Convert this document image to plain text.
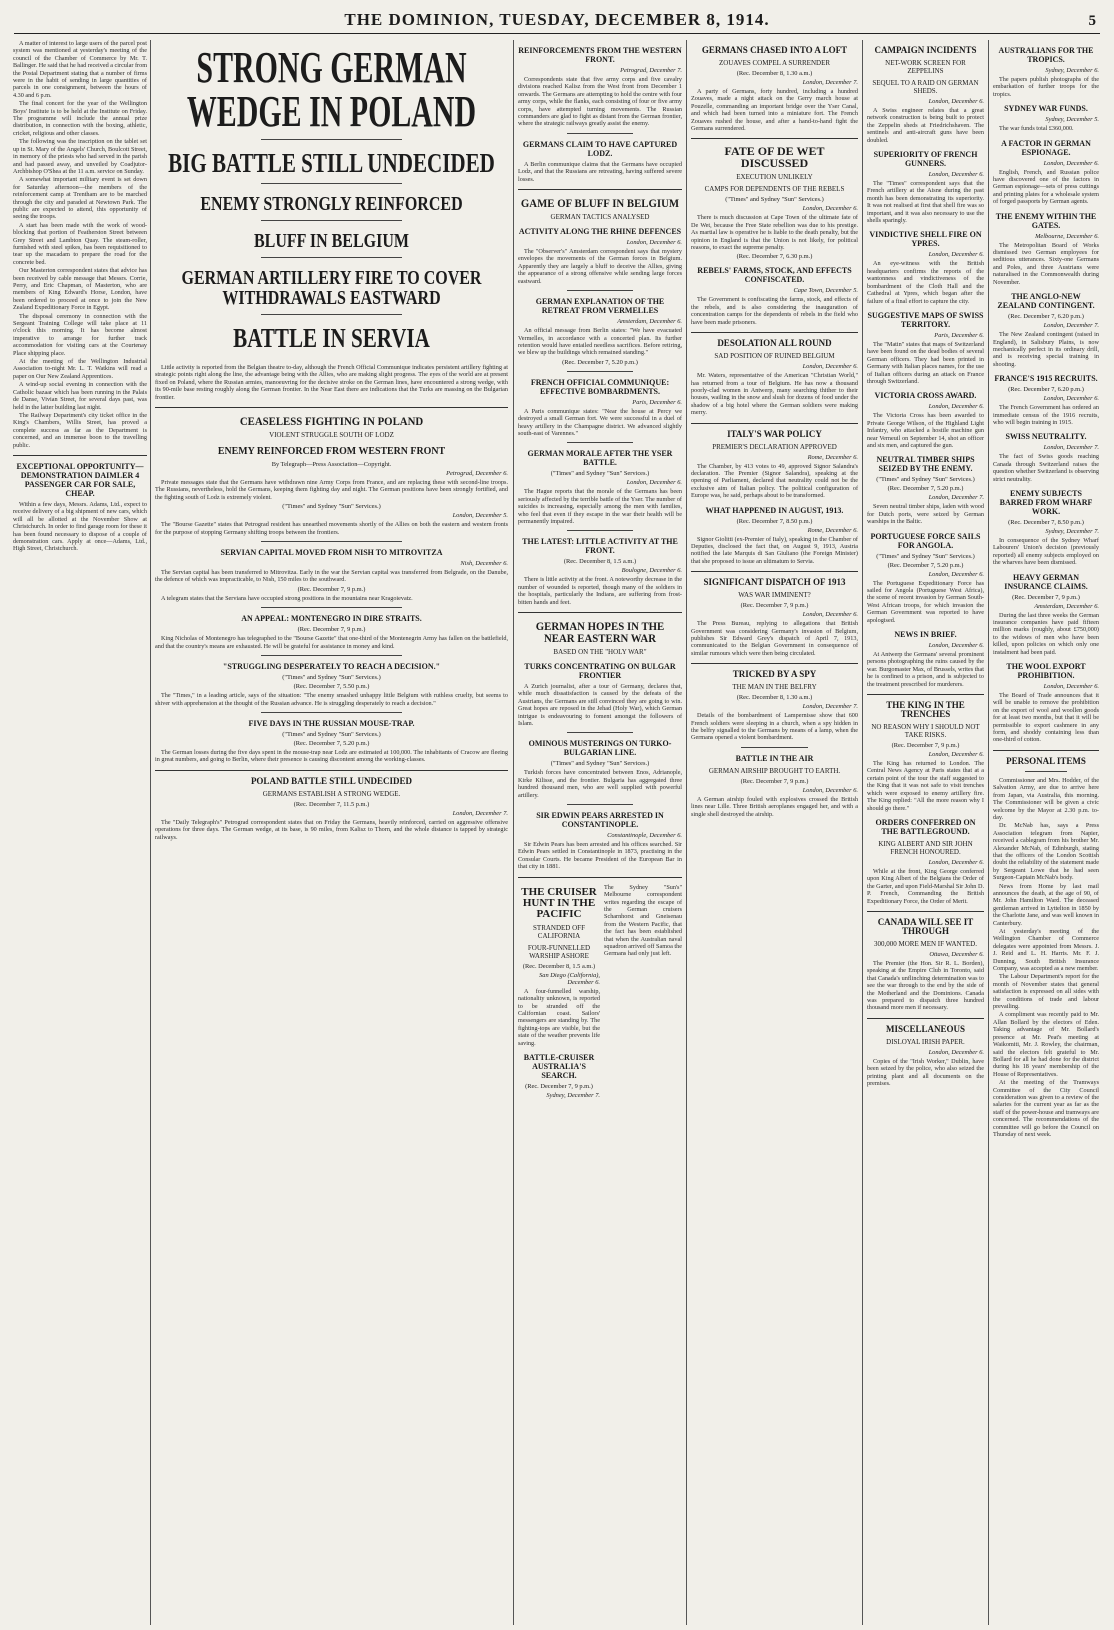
THE DOMINION, TUESDAY, DECEMBER 8, 1914.	5

A matter of interest to large users of the parcel post system was mentioned at yesterday's meeting of the council of the Chamber of Commerce by Mr. T. Ballinger. He said that he had received a circular from the Postal Department stating that a number of firms were in the habit of sending in large quantities of parcels in one consignment, between the hours of 4.30 and 6 p.m.

The final concert for the year of the Wellington Boys' Institute is to be held at the Institute on Friday. The programme will include the annual prize distribution, in connection with the boxing, athletic, cricket, religious and other classes.

The following was the inscription on the tablet set up in St. Mary of the Angels' Church, Boulcott Street, in memory of the priests who had served in the parish and had passed away, and unveiled by Coadjutor-Archbishop O'Shea at the 11 a.m. service on Sunday.

A somewhat important military event is set down for Saturday afternoon—the members of the reinforcement camp at Trentham are to be marched through the city and paraded at Newtown Park. The public are expected to attend, this opportunity of seeing the troops.

A start has been made with the work of wood-blocking that portion of Featherston Street between Grey Street and Lambton Quay. The steam-roller, furnished with steel spikes, has been requisitioned to tear up the macadam to prepare the road for the concrete bed.

Our Masterton correspondent states that advice has been received by cable message that Messrs. Corrie, Perry, and Eric Chapman, of Masterton, who are members of King Edward's Horse, London, have been ordered to proceed at once to join the New Zealand Expeditionary Force in Egypt.

The disposal ceremony in connection with the Sergeant Training College will take place at 11 o'clock this morning. It has become almost imperative to arrange for further track accommodation for visiting cars at the Courtenay Place shipping place.

At the meeting of the Wellington Industrial Association to-night Mr. L. T. Watkins will read a paper on Our New Zealand Apprentices.

A wind-up social evening in connection with the Catholic bazaar which has been running in the Palais de Danse, Vivian Street, for several days past, was held in the latter building last night.

The Railway Department's city ticket office in the King's Chambers, Willis Street, has proved a complete success as far as the Department is concerned, and an immense boon to the travelling public.

EXCEPTIONAL OPPORTUNITY—DEMONSTRATION DAIMLER 4 PASSENGER CAR FOR SALE, CHEAP.

Within a few days, Messrs. Adams, Ltd., expect to receive delivery of a big shipment of new cars, which will all be allotted at the November Show at Christchurch. In order to find garage room for these it has been found necessary to dispose of a couple of demonstration cars. Apply at once—Adams, Ltd., High Street, Christchurch.

STRONG GERMAN WEDGE IN POLAND
BIG BATTLE STILL UNDECIDED
ENEMY STRONGLY REINFORCED
BLUFF IN BELGIUM
GERMAN ARTILLERY FIRE TO COVER WITHDRAWALS EASTWARD
BATTLE IN SERVIA

Little activity is reported from the Belgian theatre to-day, although the French Official Communique indicates persistent artillery fighting at strategic points right along the line, the advantage being with the Allies, who are making slight progress. The eyes of the world are at present fixed on Poland, where the Russian armies, manoeuvring for the decisive stroke on the German lines, have encountered a strong wedge, with its 90-mile base resting roughly along the German frontier. In the Near East there are indications that the Turks are massing on the Bulgarian frontier.

CEASELESS FIGHTING IN POLAND
VIOLENT STRUGGLE SOUTH OF LODZ
ENEMY REINFORCED FROM WESTERN FRONT
By Telegraph—Press Association—Copyright.
Petrograd, December 6.

Private messages state that the Germans have withdrawn nine Army Corps from France, and are replacing these with second-line troops. The Russians, nevertheless, hold the Germans, keeping them fighting day and night. The German positions have been strongly fortified, and the fighting south of Lodz is extremely violent.

("Times" and Sydney "Sun" Services.)
London, December 5.

The "Bourse Gazette" states that Petrograd resident has unearthed movements shortly of the Allies on both the eastern and western fronts for the purpose of stopping Germany shifting troops between the frontiers.

SERVIAN CAPITAL MOVED FROM NISH TO MITROVITZA
Nish, December 6.

The Servian capital has been transferred to Mitrovitza. Early in the war the Servian capital was transferred from Belgrade, on the Danube, the defence of which was impracticable, to Nish, 150 miles to the southward.

(Rec. December 7, 9 p.m.)

A telegram states that the Servians have occupied strong positions in the mountains near Kragoievatz.

AN APPEAL: MONTENEGRO IN DIRE STRAITS.
(Rec. December 7, 9 p.m.)

King Nicholas of Montenegro has telegraphed to the "Bourse Gazette" that one-third of the Montenegrin Army has fallen on the battlefield, and that the country's means are exhausted. He will be grateful for assistance in money and kind.

"STRUGGLING DESPERATELY TO REACH A DECISION."
("Times" and Sydney "Sun" Services.)
(Rec. December 7, 5.50 p.m.)

The "Times," in a leading article, says of the situation: "The enemy smashed unhappy little Belgium with ruthless cruelty, but seems to shiver with apprehension at the thought of the Russian advance. He is struggling desperately to reach a decision."

FIVE DAYS IN THE RUSSIAN MOUSE-TRAP.
("Times" and Sydney "Sun" Services.)
(Rec. December 7, 5.20 p.m.)

The German losses during the five days spent in the mouse-trap near Lodz are estimated at 100,000. The inhabitants of Cracow are fleeing in great numbers, and going to Berlin, where their presence is causing discontent among the working-classes.

POLAND BATTLE STILL UNDECIDED
GERMANS ESTABLISH A STRONG WEDGE.
(Rec. December 7, 11.5 p.m.)
London, December 7.

The "Daily Telegraph's" Petrograd correspondent states that on Friday the Germans, heavily reinforced, carried on aggressive offensive operations for three days. The German wedge, at its base, is 90 miles, from Kalisz to Thorn, and the whole distance is tapped by strategic railways.

REINFORCEMENTS FROM THE WESTERN FRONT.
Petrograd, December 7.

Correspondents state that five army corps and five cavalry divisions reached Kalisz from the West front from December 1 onwards. The Germans are attempting to hold the centre with four army corps, while the flanks, each consisting of four or five army corps, have attempted turning movements. The Russian commanders are glad to fight as distant from the German frontier, where the strategic railways greatly assist the enemy.

GERMANS CLAIM TO HAVE CAPTURED LODZ.

A Berlin communique claims that the Germans have occupied Lodz, and that the Russians are retreating, having suffered severe losses.

GAME OF BLUFF IN BELGIUM
GERMAN TACTICS ANALYSED
ACTIVITY ALONG THE RHINE DEFENCES
London, December 6.

The "Observer's" Amsterdam correspondent says that mystery envelopes the movements of the German forces in Belgium. Apparently they are largely a bluff to deceive the Allies, giving the appearance of a strong offensive while sending large forces eastward.

GERMAN EXPLANATION OF THE RETREAT FROM VERMELLES
Amsterdam, December 6.

An official message from Berlin states: "We have evacuated Vermelles, in accordance with a concerted plan. Its further retention would have entailed needless sacrifices. Before retiring, we blew up the buildings which remained standing."

(Rec. December 7, 5.20 p.m.)
FRENCH OFFICIAL COMMUNIQUE: EFFECTIVE BOMBARDMENTS.
Paris, December 6.

A Paris communique states: "Near the house at Percy we destroyed a small German fort. We were successful in a duel of heavy artillery in the Champagne district. We advanced slightly south-east of Varennes."

GERMAN MORALE AFTER THE YSER BATTLE.
("Times" and Sydney "Sun" Services.)
London, December 6.

The Hague reports that the morale of the Germans has been seriously affected by the terrible battle of the Yser. The number of suicides is increasing, especially among the men with families, who feel that even if they escape in the war their health will be permanently impaired.

THE LATEST: LITTLE ACTIVITY AT THE FRONT.
(Rec. December 8, 1.5 a.m.)
Boulogne, December 6.

There is little activity at the front. A noteworthy decrease in the number of wounded is reported, though many of the soldiers in the hospitals, particularly the Indians, are suffering from frost-bitten hands and feet.

GERMAN HOPES IN THE NEAR EASTERN WAR
BASED ON THE "HOLY WAR"
TURKS CONCENTRATING ON BULGAR FRONTIER

A Zurich journalist, after a tour of Germany, declares that, while much dissatisfaction is caused by the defeats of the Austrians, the Germans are still convinced they are going to win. Great hopes are reposed in the Jehad (Holy War), which German intrigue is endeavouring to foment amongst the followers of Islam.

OMINOUS MUSTERINGS ON TURKO-BULGARIAN LINE.
("Times" and Sydney "Sun" Services.)

Turkish forces have concentrated between Enos, Adrianople, Kirke Kilisse, and the frontier. Bulgaria has aggregated three hundred thousand men, who are well supplied with powerful artillery.

SIR EDWIN PEARS ARRESTED IN CONSTANTINOPLE.
Constantinople, December 6.

Sir Edwin Pears has been arrested and his offices searched. Sir Edwin Pears settled in Constantinople in 1873, practising in the Consular Courts. He became President of the European Bar in that city in 1881.

THE CRUISER HUNT IN THE PACIFIC
STRANDED OFF CALIFORNIA
FOUR-FUNNELLED WARSHIP ASHORE
(Rec. December 8, 1.5 a.m.)
San Diego (California), December 6.

A four-funnelled warship, nationality unknown, is reported to be stranded off the Californian coast. Sailors' messengers are standing by. The fighting-tops are visible, but the state of the weather prevents life saving.

BATTLE-CRUISER AUSTRALIA'S SEARCH.
(Rec. December 7, 9 p.m.)
Sydney, December 7.

The Sydney "Sun's" Melbourne correspondent writes regarding the escape of the German cruisers Scharnhorst and Gneisenau from the Western Pacific, that the fact has been established that when the Australian naval squadron arrived off Samoa the Germans had only just left.

GERMANS CHASED INTO A LOFT
ZOUAVES COMPEL A SURRENDER
(Rec. December 8, 1.30 a.m.)
London, December 7.

A party of Germans, forty hundred, including a hundred Zouaves, made a night attack on the Gerry march house at Pouzelle, commanding an important bridge over the Yser Canal, and which had been turned into a miniature fort. The French Zouaves rushed the house, and after a hand-to-hand fight the Germans surrendered.

FATE OF DE WET DISCUSSED
EXECUTION UNLIKELY
CAMPS FOR DEPENDENTS OF THE REBELS
("Times" and Sydney "Sun" Services.)
London, December 6.

There is much discussion at Cape Town of the ultimate fate of De Wet, because the Free State rebellion was due to his prestige. As martial law is operative he is liable to the death penalty, but the opinion in England is that the Union is not likely, for political reasons, to exact the supreme penalty.

(Rec. December 7, 6.30 p.m.)
REBELS' FARMS, STOCK, AND EFFECTS CONFISCATED.
Cape Town, December 5.

The Government is confiscating the farms, stock, and effects of the rebels, and is also considering the inauguration of concentration camps for the dependents of rebels in the field who have been made prisoners.

DESOLATION ALL ROUND
SAD POSITION OF RUINED BELGIUM
London, December 6.

Mr. Waters, representative of the American "Christian World," has returned from a tour of Belgium. He has now a thousand poorly-clad women in Antwerp, many searching thither to their houses, wailing in the snow and slush for dozens of food under the shadow of a big hotel where the German soldiers were making merry.

ITALY'S WAR POLICY
PREMIER'S DECLARATION APPROVED
Rome, December 6.

The Chamber, by 413 votes to 49, approved Signor Salandra's declaration. The Premier (Signor Salandra), speaking at the opening of Parliament, declared that neutrality could not be the exclusive aim of Italian policy. The political configuration of Europe was, he said, perhaps about to be transformed.

WHAT HAPPENED IN AUGUST, 1913.
(Rec. December 7, 8.50 p.m.)
Rome, December 6.

Signor Giolitti (ex-Premier of Italy), speaking in the Chamber of Deputies, disclosed the fact that, on August 9, 1913, Austria notified the late Marquis di San Giuliano (the Foreign Minister) that she proposed to issue an ultimatum to Servia.

SIGNIFICANT DISPATCH OF 1913
WAS WAR IMMINENT?
(Rec. December 7, 9 p.m.)
London, December 6.

The Press Bureau, replying to allegations that British Government was considering Germany's invasion of Belgium, publishes Sir Edward Grey's dispatch of April 7, 1913, communicated to the Belgian Government in consequence of similar rumours which were then being circulated.

TRICKED BY A SPY
THE MAN IN THE BELFRY
(Rec. December 8, 1.30 a.m.)
London, December 7.

Details of the bombardment of Lampernisse show that 600 French soldiers were sleeping in a church, when a spy hidden in the belfry signalled to the Germans by means of a lamp, when the Germans opened a violent bombardment.

BATTLE IN THE AIR
GERMAN AIRSHIP BROUGHT TO EARTH.
(Rec. December 7, 9 p.m.)
London, December 6.

A German airship fouled with explosives crossed the British lines near Lille. Three British aeroplanes engaged her, and with a single shell destroyed the airship.

CAMPAIGN INCIDENTS
NET-WORK SCREEN FOR ZEPPELINS
SEQUEL TO A RAID ON GERMAN SHEDS.
London, December 6.

A Swiss engineer relates that a great network construction is being built to protect the Zeppelin sheds at Friedrichshaven. The sentinels and anti-aircraft guns have been doubled.

SUPERIORITY OF FRENCH GUNNERS.
London, December 6.

The "Times" correspondent says that the French artillery at the Aisne during the past month has been demonstrating its superiority. It was not realised at first that shell fire was so important, and it was also necessary to use the shells sparingly.

VINDICTIVE SHELL FIRE ON YPRES.
London, December 6.

An eye-witness with the British headquarters confirms the reports of the wantonness and vindictiveness of the bombardment of the Cloth Hall and the Cathedral at Ypres, which began after the failure of a final effort to capture the city.

SUGGESTIVE MAPS OF SWISS TERRITORY.
Paris, December 6.

The "Matin" states that maps of Switzerland have been found on the dead bodies of several German officers. They had been printed in Germany with Italian places names, for the use of Italian officers during an attack on France through Switzerland.

VICTORIA CROSS AWARD.
London, December 6.

The Victoria Cross has been awarded to Private George Wilson, of the Highland Light Infantry, who attacked a hostile machine gun near Verneuil on September 14, shot an officer and six men, and captured the gun.

NEUTRAL TIMBER SHIPS SEIZED BY THE ENEMY.
("Times" and Sydney "Sun" Services.)
(Rec. December 7, 5.20 p.m.)
London, December 7.

Seven neutral timber ships, laden with wood for Dutch ports, were seized by German warships in the Baltic.

PORTUGUESE FORCE SAILS FOR ANGOLA.
("Times" and Sydney "Sun" Services.)
(Rec. December 7, 5.20 p.m.)
London, December 6.

The Portuguese Expeditionary Force has sailed for Angola (Portuguese West Africa), the scene of recent invasion by German South-West African troops, for which invasion the German Government was reported to have apologised.

NEWS IN BRIEF.
London, December 6.

At Antwerp the Germans' several prominent persons photographing the ruins caused by the war. Burgomaster Max, of Brussels, writes that he is confined to a prison, and is subjected to the treatment prescribed for murderers.

THE KING IN THE TRENCHES
NO REASON WHY I SHOULD NOT TAKE RISKS.
(Rec. December 7, 9 p.m.)
London, December 6.

The King has returned to London. The Central News Agency at Paris states that at a certain point of the tour the staff suggested to the King that it was not safe to visit trenches which were exposed to enemy artillery fire. The King replied: "All the more reason why I should go there."

ORDERS CONFERRED ON THE BATTLEGROUND.
KING ALBERT AND SIR JOHN FRENCH HONOURED.
London, December 6.

While at the front, King George conferred upon King Albert of the Belgians the Order of the Garter, and upon Field-Marshal Sir John D. P. French, Commanding the British Expeditionary Force, the Order of Merit.

CANADA WILL SEE IT THROUGH
300,000 MORE MEN IF WANTED.
Ottawa, December 6.

The Premier (the Hon. Sir R. L. Borden), speaking at the Empire Club in Toronto, said that Canada's unflinching determination was to see the war through to the end by the side of the Motherland and the Dominions. Canada was prepared to dispatch three hundred thousand more men if necessary.

MISCELLANEOUS
DISLOYAL IRISH PAPER.
London, December 6.

Copies of the "Irish Worker," Dublin, have been seized by the police, who also seized the printing plant and all documents on the premises.

AUSTRALIANS FOR THE TROPICS.
Sydney, December 6.

The papers publish photographs of the embarkation of further troops for the tropics.

SYDNEY WAR FUNDS.
Sydney, December 5.

The war funds total £360,000.

A FACTOR IN GERMAN ESPIONAGE.
London, December 6.

English, French, and Russian police have discovered one of the factors in German espionage—sets of press cuttings and printing plates for a wholesale system of forged passports by German agents.

THE ENEMY WITHIN THE GATES.
Melbourne, December 6.

The Metropolitan Board of Works dismissed two German employees for seditious utterances. Sixty-one Germans and Poles, and three Austrians were naturalised in the Commonwealth during November.

THE ANGLO-NEW ZEALAND CONTINGENT.
(Rec. December 7, 6.20 p.m.)
London, December 7.

The New Zealand contingent (raised in England), in Salisbury Plains, is now mechanically perfect in its ordinary drill, and is receiving special training in shooting.

FRANCE'S 1915 RECRUITS.
(Rec. December 7, 6.20 p.m.)
London, December 6.

The French Government has ordered an immediate census of the 1916 recruits, who will begin training in 1915.

SWISS NEUTRALITY.
London, December 7.

The fact of Swiss goods reaching Canada through Switzerland raises the question whether Switzerland is observing strict neutrality.

ENEMY SUBJECTS BARRED FROM WHARF WORK.
(Rec. December 7, 8.50 p.m.)
Sydney, December 7.

In consequence of the Sydney Wharf Labourers' Union's decision (previously reported) all enemy subjects employed on the wharves have been dismissed.

HEAVY GERMAN INSURANCE CLAIMS.
(Rec. December 7, 9 p.m.)
Amsterdam, December 6.

During the last three weeks the German insurance companies have paid fifteen million marks (roughly, about £750,000) to the widows of men who have been killed, upon policies on which only one instalment had been paid.

THE WOOL EXPORT PROHIBITION.
London, December 6.

The Board of Trade announces that it will be unable to remove the prohibition on the export of wool and woollen goods for at least two months, but that it will be permissible to export cashmere in any form, and shoddy containing less than one-third of cotton.

PERSONAL ITEMS

Commissioner and Mrs. Hodder, of the Salvation Army, are due to arrive here from Japan, via Australia, this morning. The Commissioner will be given a civic welcome by the Mayor at 2.30 p.m. to-day.

Dr. McNab has, says a Press Association telegram from Napier, received a cablegram from his brother Mr. Alexander McNab, of Edinburgh, stating that the officers of the London Scottish doubt the reliability of the statement made by Sergeant Lowe that he had seen Surgeon-Captain McNab's body.

News from Home by last mail announces the death, at the age of 90, of Mr. John Hamilton Ward. The deceased gentleman arrived in Lyttelton in 1850 by the Charlotte Jane, and was well known in Canterbury.

At yesterday's meeting of the Wellington Chamber of Commerce delegates were appointed from Messrs. J. J. Reid and L. H. Harris. Mr. F. J. Dunning, South British Insurance Company, was accepted as a new member.

The Labour Department's report for the month of November states that general satisfaction is expressed on all sides with the conditions of trade and labour prevailing.

A compliment was recently paid to Mr. Allan Bollard by the electors of Eden. Taking advantage of Mr. Bollard's presence at Mr. Peat's meeting at Waikomiti, Mr. J. Rowley, the chairman, said the electors felt grateful to Mr. Bollard for all he had done for the district during his 18 years' membership of the House of Representatives.

At the meeting of the Tramways Committee of the City Council consideration was given to a review of the salaries for the current year as far as the staff of the power-house and tramways are concerned. The recommendations of the committee will go before the Council on Thursday of next week.
